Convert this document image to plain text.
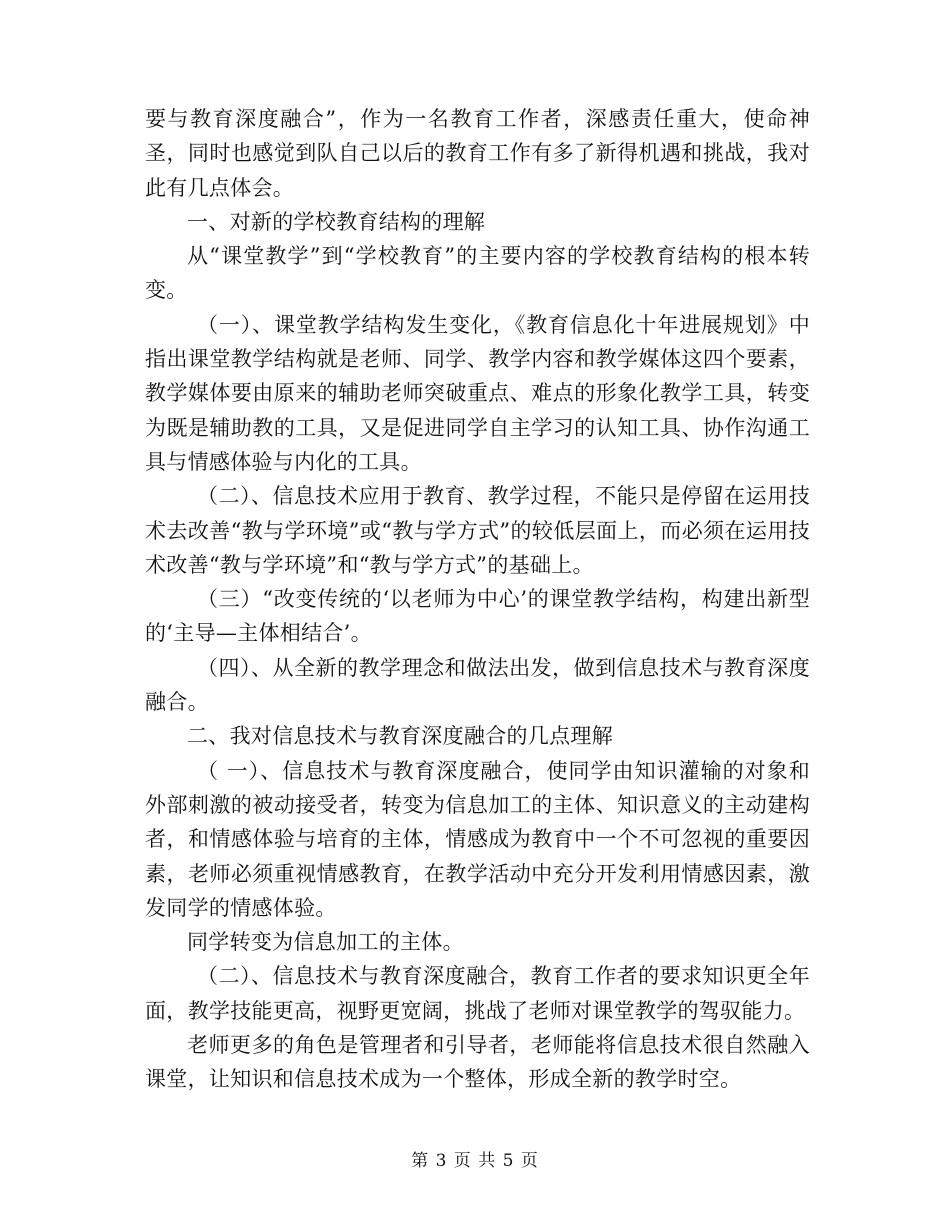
要与教育深度融合”，作为一名教育工作者，深感责任重大，使命神圣，同时也感觉到队自己以后的教育工作有多了新得机遇和挑战，我对此有几点体会。

一、对新的学校教育结构的理解

从“课堂教学”到“学校教育”的主要内容的学校教育结构的根本转变。

（一）、课堂教学结构发生变化，《教育信息化十年进展规划》中指出课堂教学结构就是老师、同学、教学内容和教学媒体这四个要素，教学媒体要由原来的辅助老师突破重点、难点的形象化教学工具，转变为既是辅助教的工具，又是促进同学自主学习的认知工具、协作沟通工具与情感体验与内化的工具。

（二）、信息技术应用于教育、教学过程，不能只是停留在运用技术去改善“教与学环境”或“教与学方式”的较低层面上，而必须在运用技术改善“教与学环境”和“教与学方式”的基础上。

（三）“改变传统的‘以老师为中心’的课堂教学结构，构建出新型的‘主导—主体相结合’。

（四）、从全新的教学理念和做法出发，做到信息技术与教育深度融合。

二、我对信息技术与教育深度融合的几点理解

（ 一）、信息技术与教育深度融合，使同学由知识灌输的对象和外部刺激的被动接受者，转变为信息加工的主体、知识意义的主动建构者，和情感体验与培育的主体，情感成为教育中一个不可忽视的重要因素，老师必须重视情感教育，在教学活动中充分开发利用情感因素，激发同学的情感体验。

同学转变为信息加工的主体。

（二）、信息技术与教育深度融合，教育工作者的要求知识更全年面，教学技能更高，视野更宽阔，挑战了老师对课堂教学的驾驭能力。

老师更多的角色是管理者和引导者，老师能将信息技术很自然融入课堂，让知识和信息技术成为一个整体，形成全新的教学时空。

第 3 页 共 5 页
